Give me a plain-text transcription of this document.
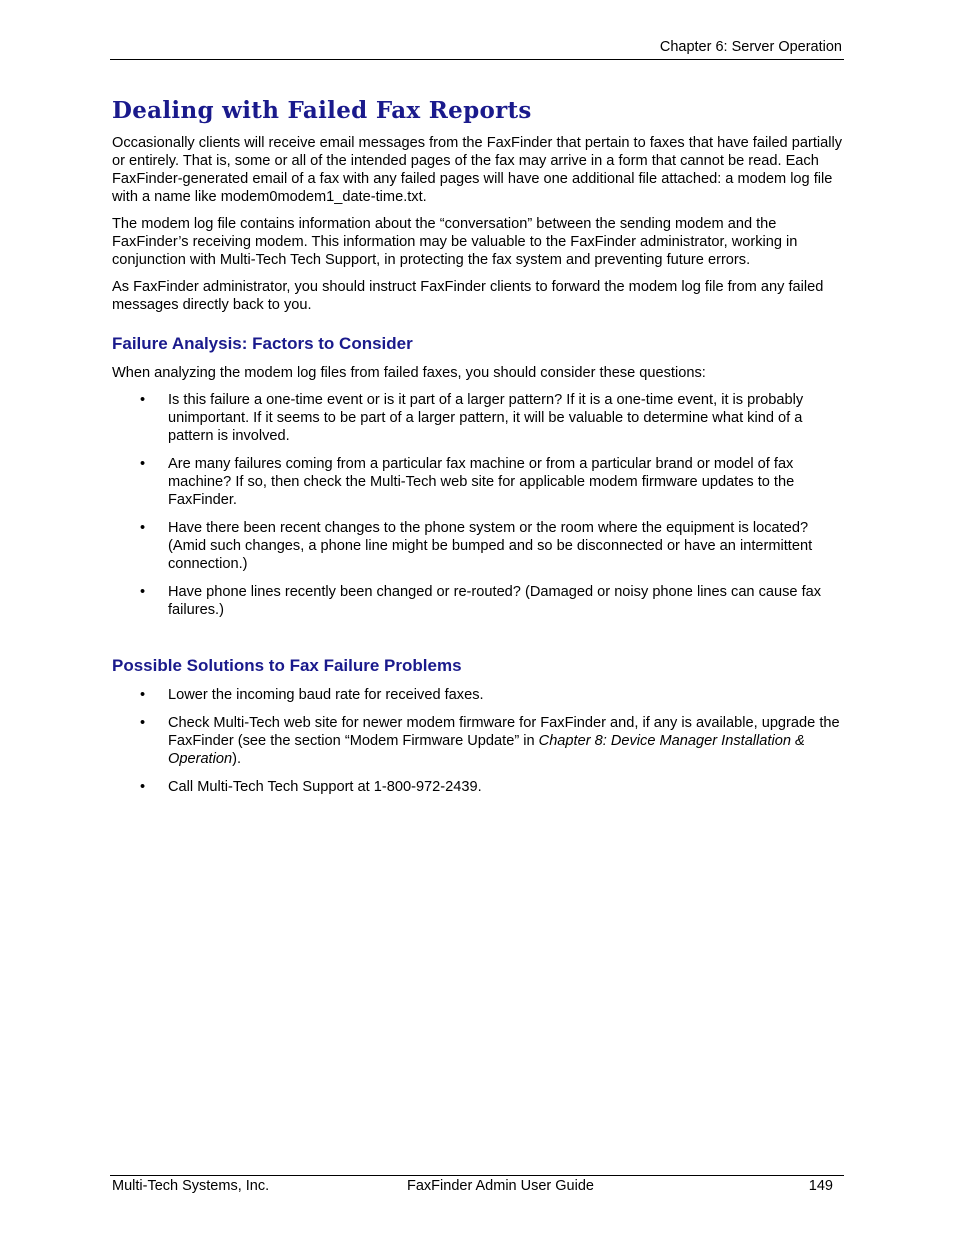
Chapter 6: Server Operation
Dealing with Failed Fax Reports

Occasionally clients will receive email messages from the FaxFinder that pertain to faxes that have failed partially or entirely. That is, some or all of the intended pages of the fax may arrive in a form that cannot be read. Each FaxFinder-generated email of a fax with any failed pages will have one additional file attached: a modem log file with a name like modem0modem1_date-time.txt.

The modem log file contains information about the “conversation” between the sending modem and the FaxFinder’s receiving modem. This information may be valuable to the FaxFinder administrator, working in conjunction with Multi-Tech Tech Support, in protecting the fax system and preventing future errors.

As FaxFinder administrator, you should instruct FaxFinder clients to forward the modem log file from any failed messages directly back to you.

Failure Analysis: Factors to Consider

When analyzing the modem log files from failed faxes, you should consider these questions:

• Is this failure a one-time event or is it part of a larger pattern? If it is a one-time event, it is probably unimportant. If it seems to be part of a larger pattern, it will be valuable to determine what kind of a pattern is involved.
• Are many failures coming from a particular fax machine or from a particular brand or model of fax machine? If so, then check the Multi-Tech web site for applicable modem firmware updates to the FaxFinder.
• Have there been recent changes to the phone system or the room where the equipment is located? (Amid such changes, a phone line might be bumped and so be disconnected or have an intermittent connection.)
• Have phone lines recently been changed or re-routed? (Damaged or noisy phone lines can cause fax failures.)
Possible Solutions to Fax Failure Problems
• Lower the incoming baud rate for received faxes.
• Check Multi-Tech web site for newer modem firmware for FaxFinder and, if any is available, upgrade the FaxFinder (see the section “Modem Firmware Update” in Chapter 8: Device Manager Installation & Operation).
• Call Multi-Tech Tech Support at 1-800-972-2439.
Multi-Tech Systems, Inc.	FaxFinder Admin User Guide	149
